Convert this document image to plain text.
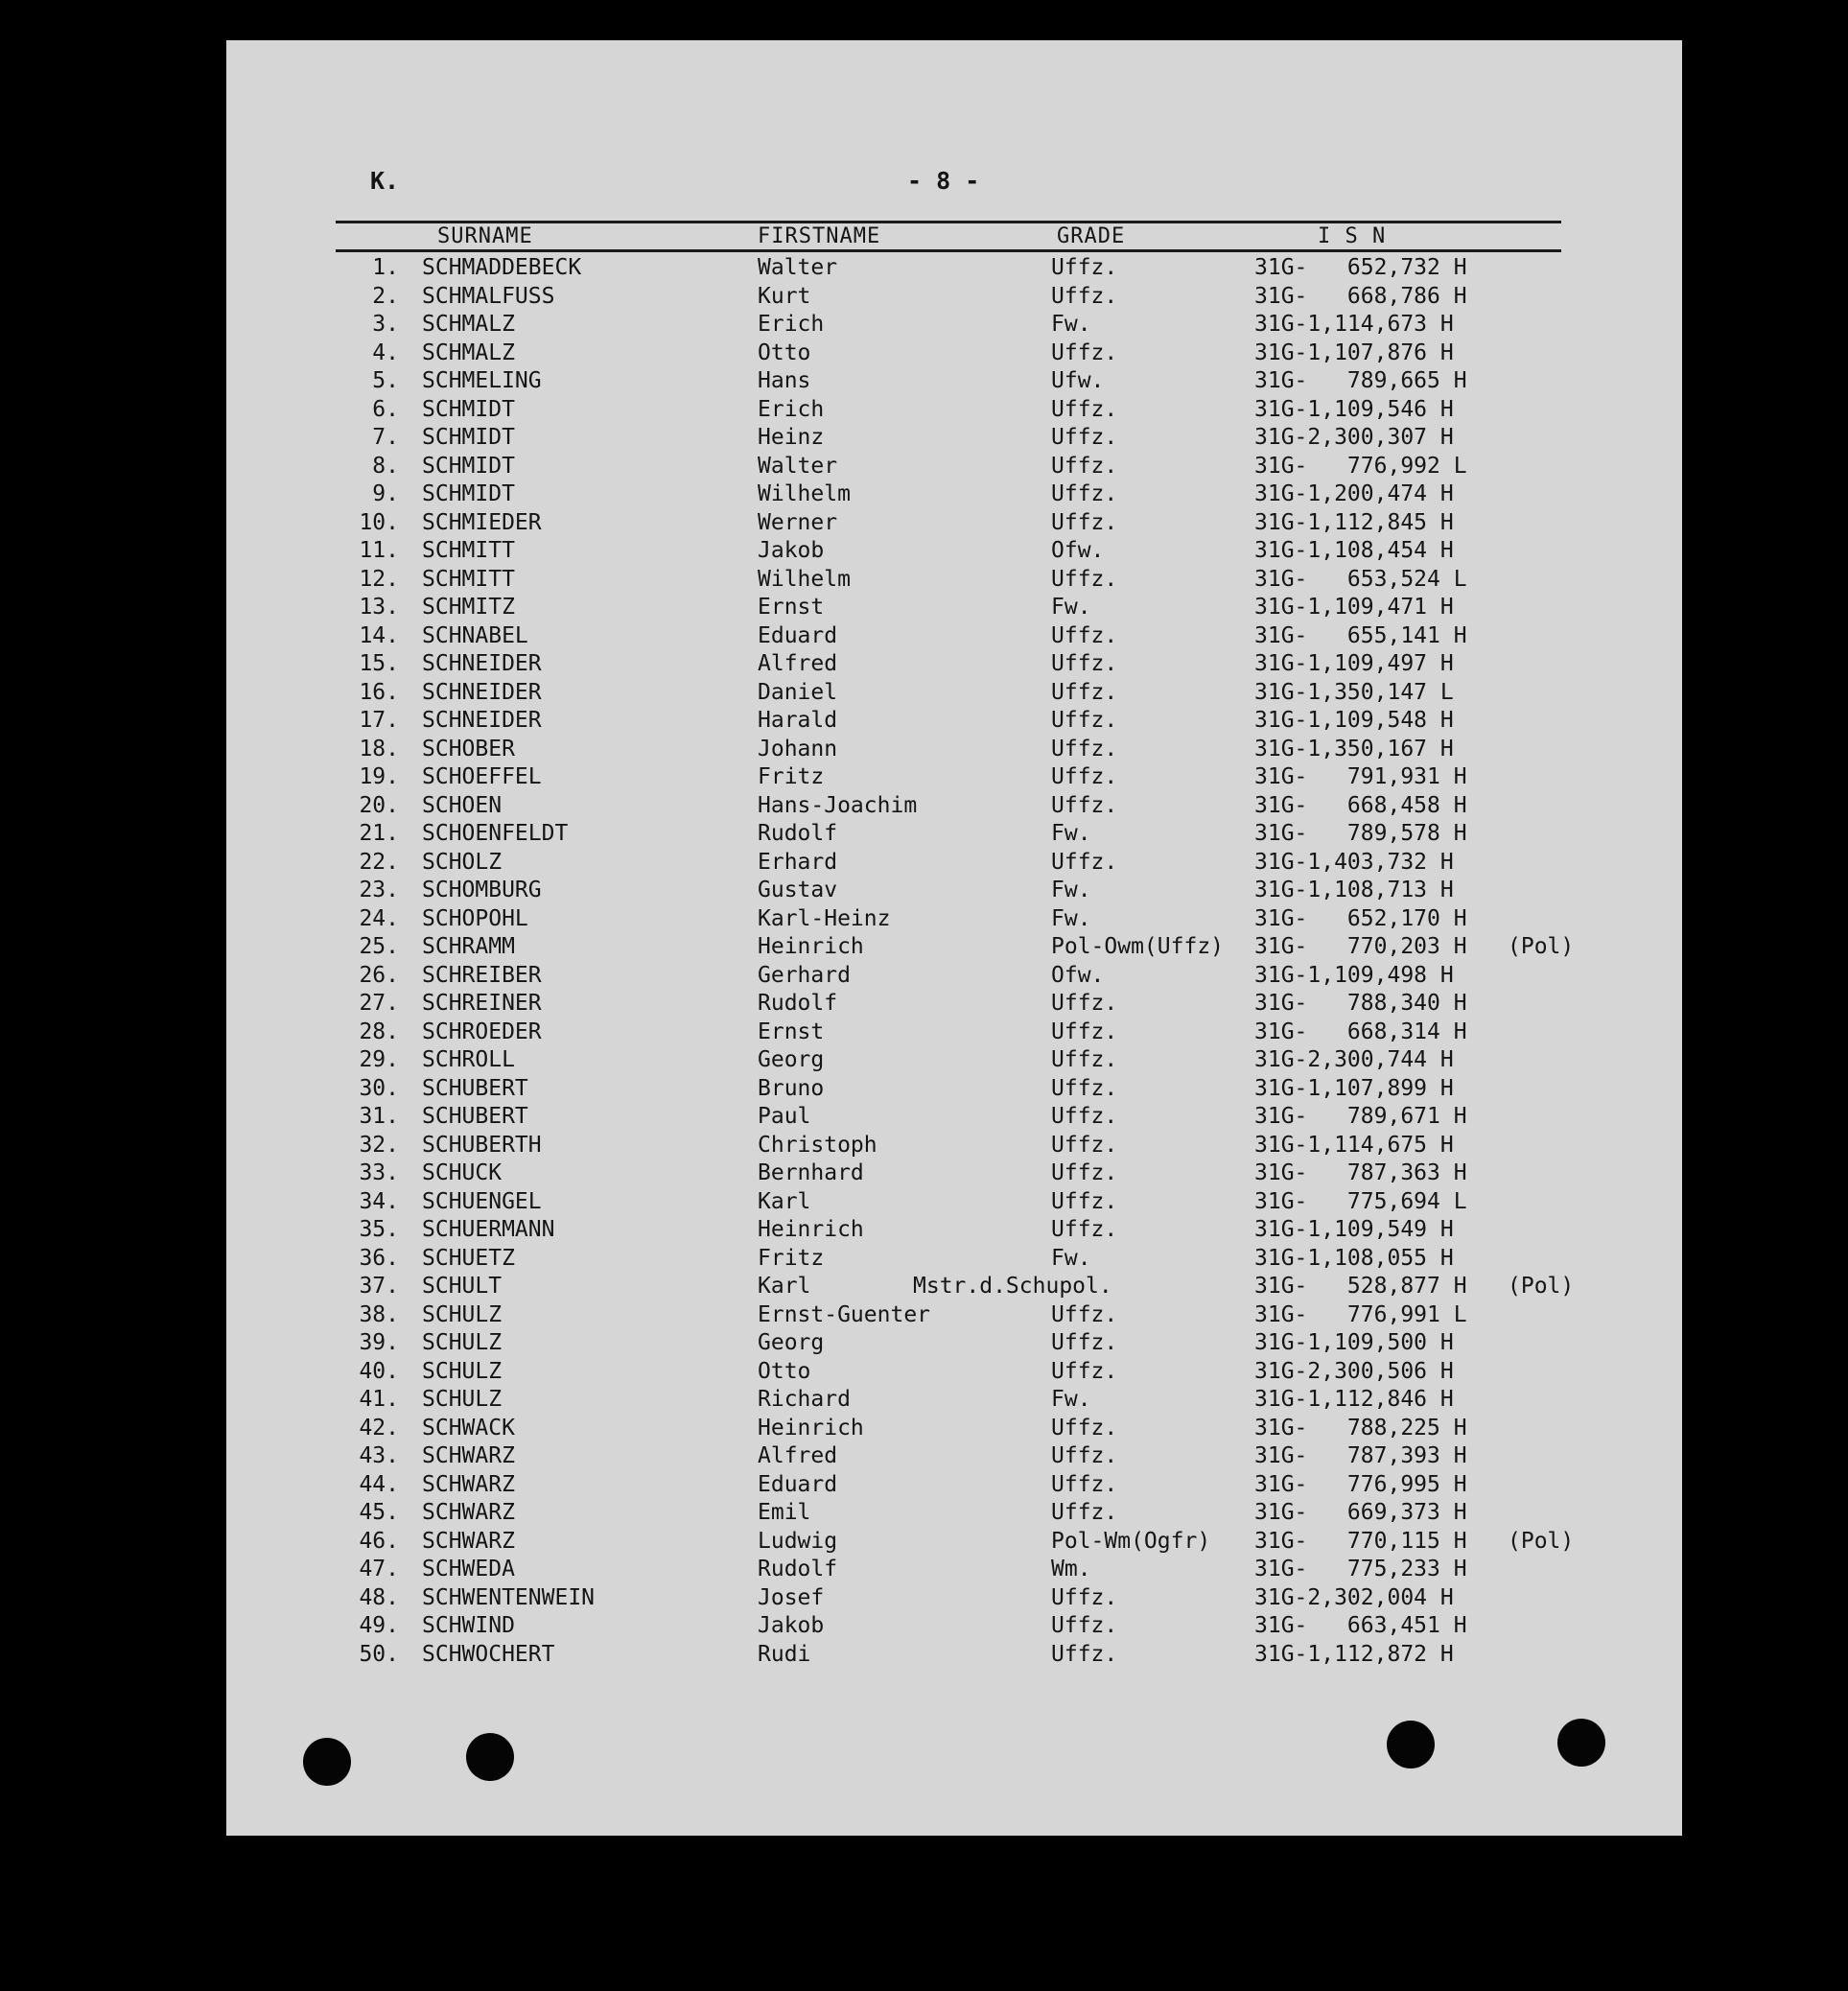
K.	- 8 -
SURNAME	FIRSTNAME	GRADE	I S N
1. SCHMADDEBECK	Walter	Uffz.	31G-   652,732 H
2. SCHMALFUSS	Kurt	Uffz.	31G-   668,786 H
3. SCHMALZ	Erich	Fw.	31G-1,114,673 H
4. SCHMALZ	Otto	Uffz.	31G-1,107,876 H
5. SCHMELING	Hans	Ufw.	31G-   789,665 H
6. SCHMIDT	Erich	Uffz.	31G-1,109,546 H
7. SCHMIDT	Heinz	Uffz.	31G-2,300,307 H
8. SCHMIDT	Walter	Uffz.	31G-   776,992 L
9. SCHMIDT	Wilhelm	Uffz.	31G-1,200,474 H
10. SCHMIEDER	Werner	Uffz.	31G-1,112,845 H
11. SCHMITT	Jakob	Ofw.	31G-1,108,454 H
12. SCHMITT	Wilhelm	Uffz.	31G-   653,524 L
13. SCHMITZ	Ernst	Fw.	31G-1,109,471 H
14. SCHNABEL	Eduard	Uffz.	31G-   655,141 H
15. SCHNEIDER	Alfred	Uffz.	31G-1,109,497 H
16. SCHNEIDER	Daniel	Uffz.	31G-1,350,147 L
17. SCHNEIDER	Harald	Uffz.	31G-1,109,548 H
18. SCHOBER	Johann	Uffz.	31G-1,350,167 H
19. SCHOEFFEL	Fritz	Uffz.	31G-   791,931 H
20. SCHOEN	Hans-Joachim	Uffz.	31G-   668,458 H
21. SCHOENFELDT	Rudolf	Fw.	31G-   789,578 H
22. SCHOLZ	Erhard	Uffz.	31G-1,403,732 H
23. SCHOMBURG	Gustav	Fw.	31G-1,108,713 H
24. SCHOPOHL	Karl-Heinz	Fw.	31G-   652,170 H
25. SCHRAMM	Heinrich	Pol-Owm(Uffz) 31G-   770,203 H (Pol)
26. SCHREIBER	Gerhard	Ofw.	31G-1,109,498 H
27. SCHREINER	Rudolf	Uffz.	31G-   788,340 H
28. SCHROEDER	Ernst	Uffz.	31G-   668,314 H
29. SCHROLL	Georg	Uffz.	31G-2,300,744 H
30. SCHUBERT	Bruno	Uffz.	31G-1,107,899 H
31. SCHUBERT	Paul	Uffz.	31G-   789,671 H
32. SCHUBERTH	Christoph	Uffz.	31G-1,114,675 H
33. SCHUCK	Bernhard	Uffz.	31G-   787,363 H
34. SCHUENGEL	Karl	Uffz.	31G-   775,694 L
35. SCHUERMANN	Heinrich	Uffz.	31G-1,109,549 H
36. SCHUETZ	Fritz	Fw.	31G-1,108,055 H
37. SCHULT	Karl	Mstr.d.Schupol.	31G-   528,877 H (Pol)
38. SCHULZ	Ernst-Guenter	Uffz.	31G-   776,991 L
39. SCHULZ	Georg	Uffz.	31G-1,109,500 H
40. SCHULZ	Otto	Uffz.	31G-2,300,506 H
41. SCHULZ	Richard	Fw.	31G-1,112,846 H
42. SCHWACK	Heinrich	Uffz.	31G-   788,225 H
43. SCHWARZ	Alfred	Uffz.	31G-   787,393 H
44. SCHWARZ	Eduard	Uffz.	31G-   776,995 H
45. SCHWARZ	Emil	Uffz.	31G-   669,373 H
46. SCHWARZ	Ludwig	Pol-Wm(Ogfr) 31G-   770,115 H (Pol)
47. SCHWEDA	Rudolf	Wm.	31G-   775,233 H
48. SCHWENTENWEIN	Josef	Uffz.	31G-2,302,004 H
49. SCHWIND	Jakob	Uffz.	31G-   663,451 H
50. SCHWOCHERT	Rudi	Uffz.	31G-1,112,872 H
